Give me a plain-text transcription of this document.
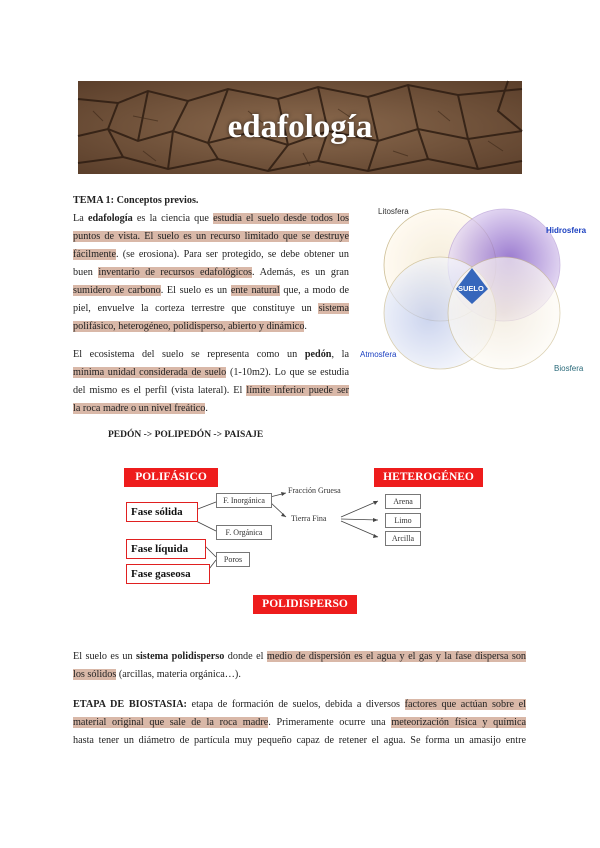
edafología
TEMA 1: Conceptos previos.
La edafología es la ciencia que estudia el suelo desde todos los
puntos de vista. El suelo es un recurso limitado que se destruye
fácilmente. (se erosiona). Para ser protegido, se debe obtener un
buen inventario de recursos edafológicos. Además, es un gran
sumidero de carbono. El suelo es un ente natural que, a modo de
piel, envuelve la corteza terrestre que constituye un sistema
polifásico, heterogéneo, polidisperso, abierto y dinámico.
El ecosistema del suelo se representa como un pedón, la
mínima unidad considerada de suelo (1-10m2). Lo que se estudia
del mismo es el perfil (vista lateral). El límite inferior puede ser
la roca madre o un nivel freático.
Litosfera
Hidrosfera
Atmosfera
Biosfera
SUELO
PEDÓN -> POLIPEDÓN -> PAISAJE
POLIFÁSICO	HETEROGÉNEO
POLIDISPERSO
Fase sólida
Fase líquida
Fase gaseosa
F. Inorgánica
F. Orgánica
Poros
Fracción Gruesa
Tierra Fina
Arena
Limo
Arcilla
El suelo es un sistema polidisperso donde el medio de dispersión es el agua y el gas y la fase dispersa son
los sólidos (arcillas, materia orgánica…).
ETAPA DE BIOSTASIA: etapa de formación de suelos, debida a diversos factores que actúan sobre el
material original que sale de la roca madre. Primeramente ocurre una meteorización física y química
hasta tener un diámetro de partícula muy pequeño capaz de retener el agua. Se forma un amasijo entre
